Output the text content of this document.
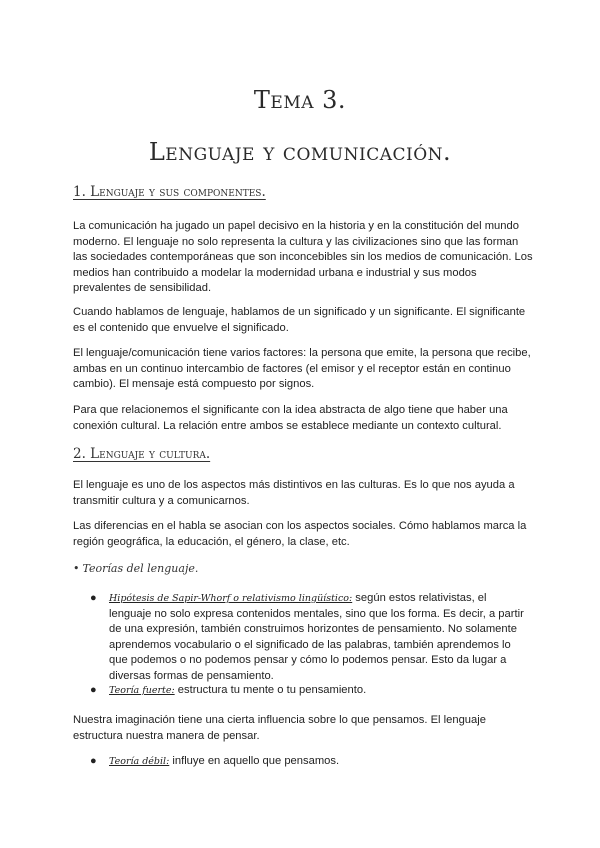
Tema 3.
Lenguaje y comunicación.
1. Lenguaje y sus componentes.

La comunicación ha jugado un papel decisivo en la historia y en la constitución del mundo moderno. El lenguaje no solo representa la cultura y las civilizaciones sino que las forman las sociedades contemporáneas que son inconcebibles sin los medios de comunicación. Los medios han contribuido a modelar la modernidad urbana e industrial y sus modos prevalentes de sensibilidad.

Cuando hablamos de lenguaje, hablamos de un significado y un significante. El significante es el contenido que envuelve el significado.

El lenguaje/comunicación tiene varios factores: la persona que emite, la persona que recibe, ambas en un continuo intercambio de factores (el emisor y el receptor están en continuo cambio). El mensaje está compuesto por signos.

Para que relacionemos el significante con la idea abstracta de algo tiene que haber una conexión cultural. La relación entre ambos se establece mediante un contexto cultural.

2. Lenguaje y cultura.

El lenguaje es uno de los aspectos más distintivos en las culturas. Es lo que nos ayuda a transmitir cultura y a comunicarnos.

Las diferencias en el habla se asocian con los aspectos sociales. Cómo hablamos marca la región geográfica, la educación, el género, la clase, etc.

• Teorías del lenguaje.
● Hipótesis de Sapir-Whorf o relativismo lingüístico: según estos relativistas, el lenguaje no solo expresa contenidos mentales, sino que los forma. Es decir, a partir de una expresión, también construimos horizontes de pensamiento. No solamente aprendemos vocabulario o el significado de las palabras, también aprendemos lo que podemos o no podemos pensar y cómo lo podemos pensar. Esto da lugar a diversas formas de pensamiento.
● Teoría fuerte: estructura tu mente o tu pensamiento.

Nuestra imaginación tiene una cierta influencia sobre lo que pensamos. El lenguaje estructura nuestra manera de pensar.

● Teoría débil: influye en aquello que pensamos.
